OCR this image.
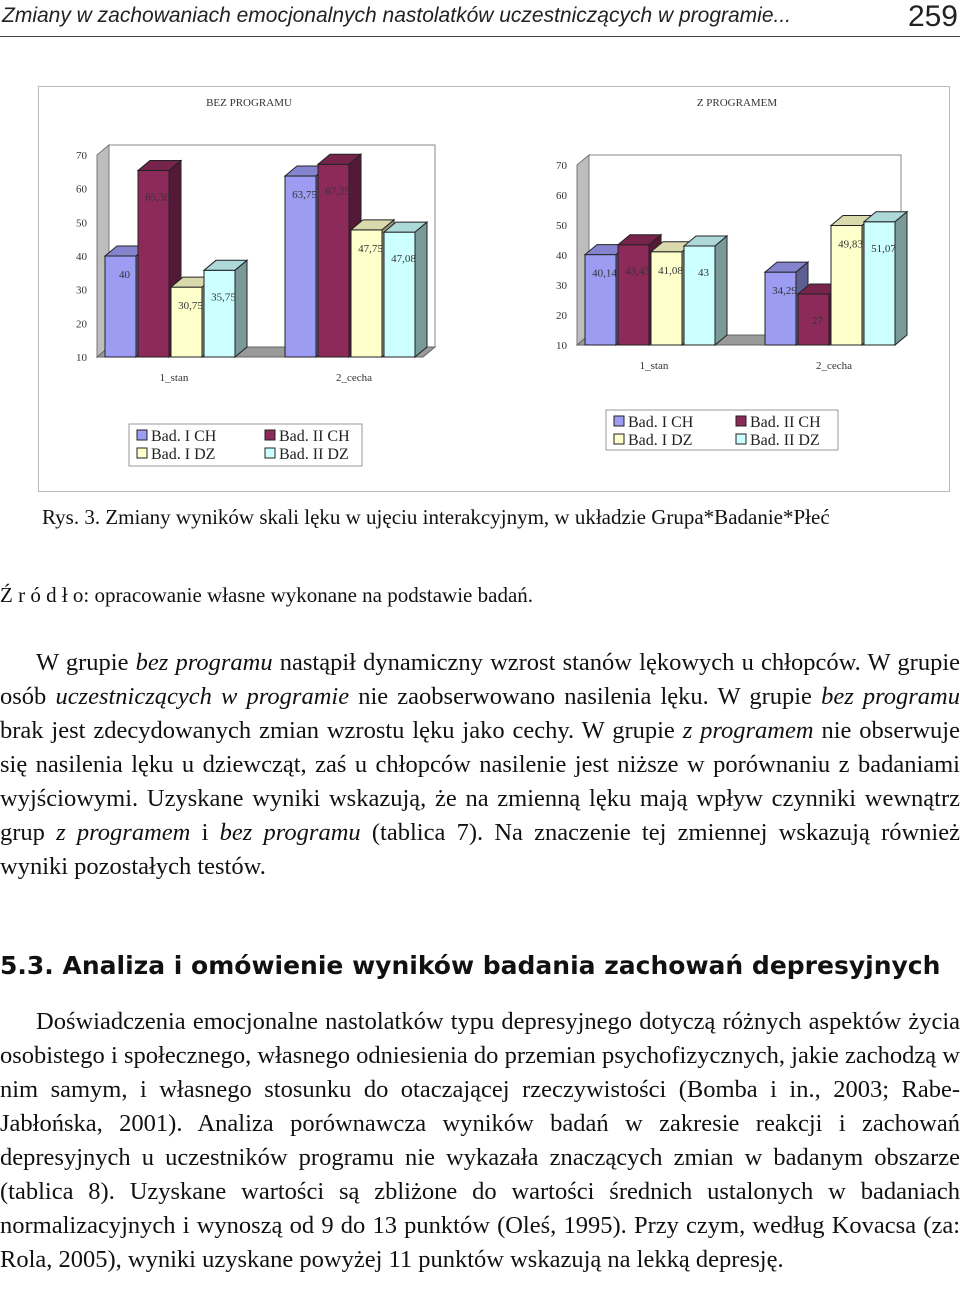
Zmiany w zachowaniach emocjonalnych nastolatków uczestniczących w programie...	259
BEZ PROGRAMU
10
20
30
40
50
60
70
40
65,38
30,75
35,75
1_stan
63,75 67,25
47,75
47,08
2_cecha
Bad. I CH	Bad. II CH
Bad. I DZ	Bad. II DZ
Z PROGRAMEM
10
20
30
40
50
60
70
40,14 43,43 41,08 43
1_stan
34,29
27
49,83 51,07
2_cecha
Bad. I CH	Bad. II CH
Bad. I DZ	Bad. II DZ
Rys. 3. Zmiany wyników skali lęku w ujęciu interakcyjnym, w układzie Grupa*Badanie*Płeć
Ź r ó d ł o: opracowanie własne wykonane na podstawie badań.

W grupie bez programu nastąpił dynamiczny wzrost stanów lękowych u chłopców. W grupie osób uczestniczących w programie nie zaobserwowano nasilenia lęku. W grupie bez programu brak jest zdecydowanych zmian wzrostu lęku jako cechy. W grupie z programem nie obserwuje się nasilenia lęku u dziewcząt, zaś u chłopców nasilenie jest niższe w porównaniu z badaniami wyjściowymi. Uzyskane wyniki wskazują, że na zmienną lęku mają wpływ czynniki wewnątrz grup z programem i bez programu (tablica 7). Na znaczenie tej zmiennej wskazują również wyniki pozostałych testów.

5.3. Analiza i omówienie wyników badania zachowań depresyjnych

Doświadczenia emocjonalne nastolatków typu depresyjnego dotyczą różnych aspektów życia osobistego i społecznego, własnego odniesienia do przemian psychofizycznych, jakie zachodzą w nim samym, i własnego stosunku do otaczającej rzeczywistości (Bomba i in., 2003; Rabe-Jabłońska, 2001). Analiza porównawcza wyników badań w zakresie reakcji i zachowań depresyjnych u uczestników programu nie wykazała znaczących zmian w badanym obszarze (tablica 8). Uzyskane wartości są zbliżone do wartości średnich ustalonych w badaniach normalizacyjnych i wynoszą od 9 do 13 punktów (Oleś, 1995). Przy czym, według Kovacsa (za: Rola, 2005), wyniki uzyskane powyżej 11 punktów wskazują na lekką depresję.
